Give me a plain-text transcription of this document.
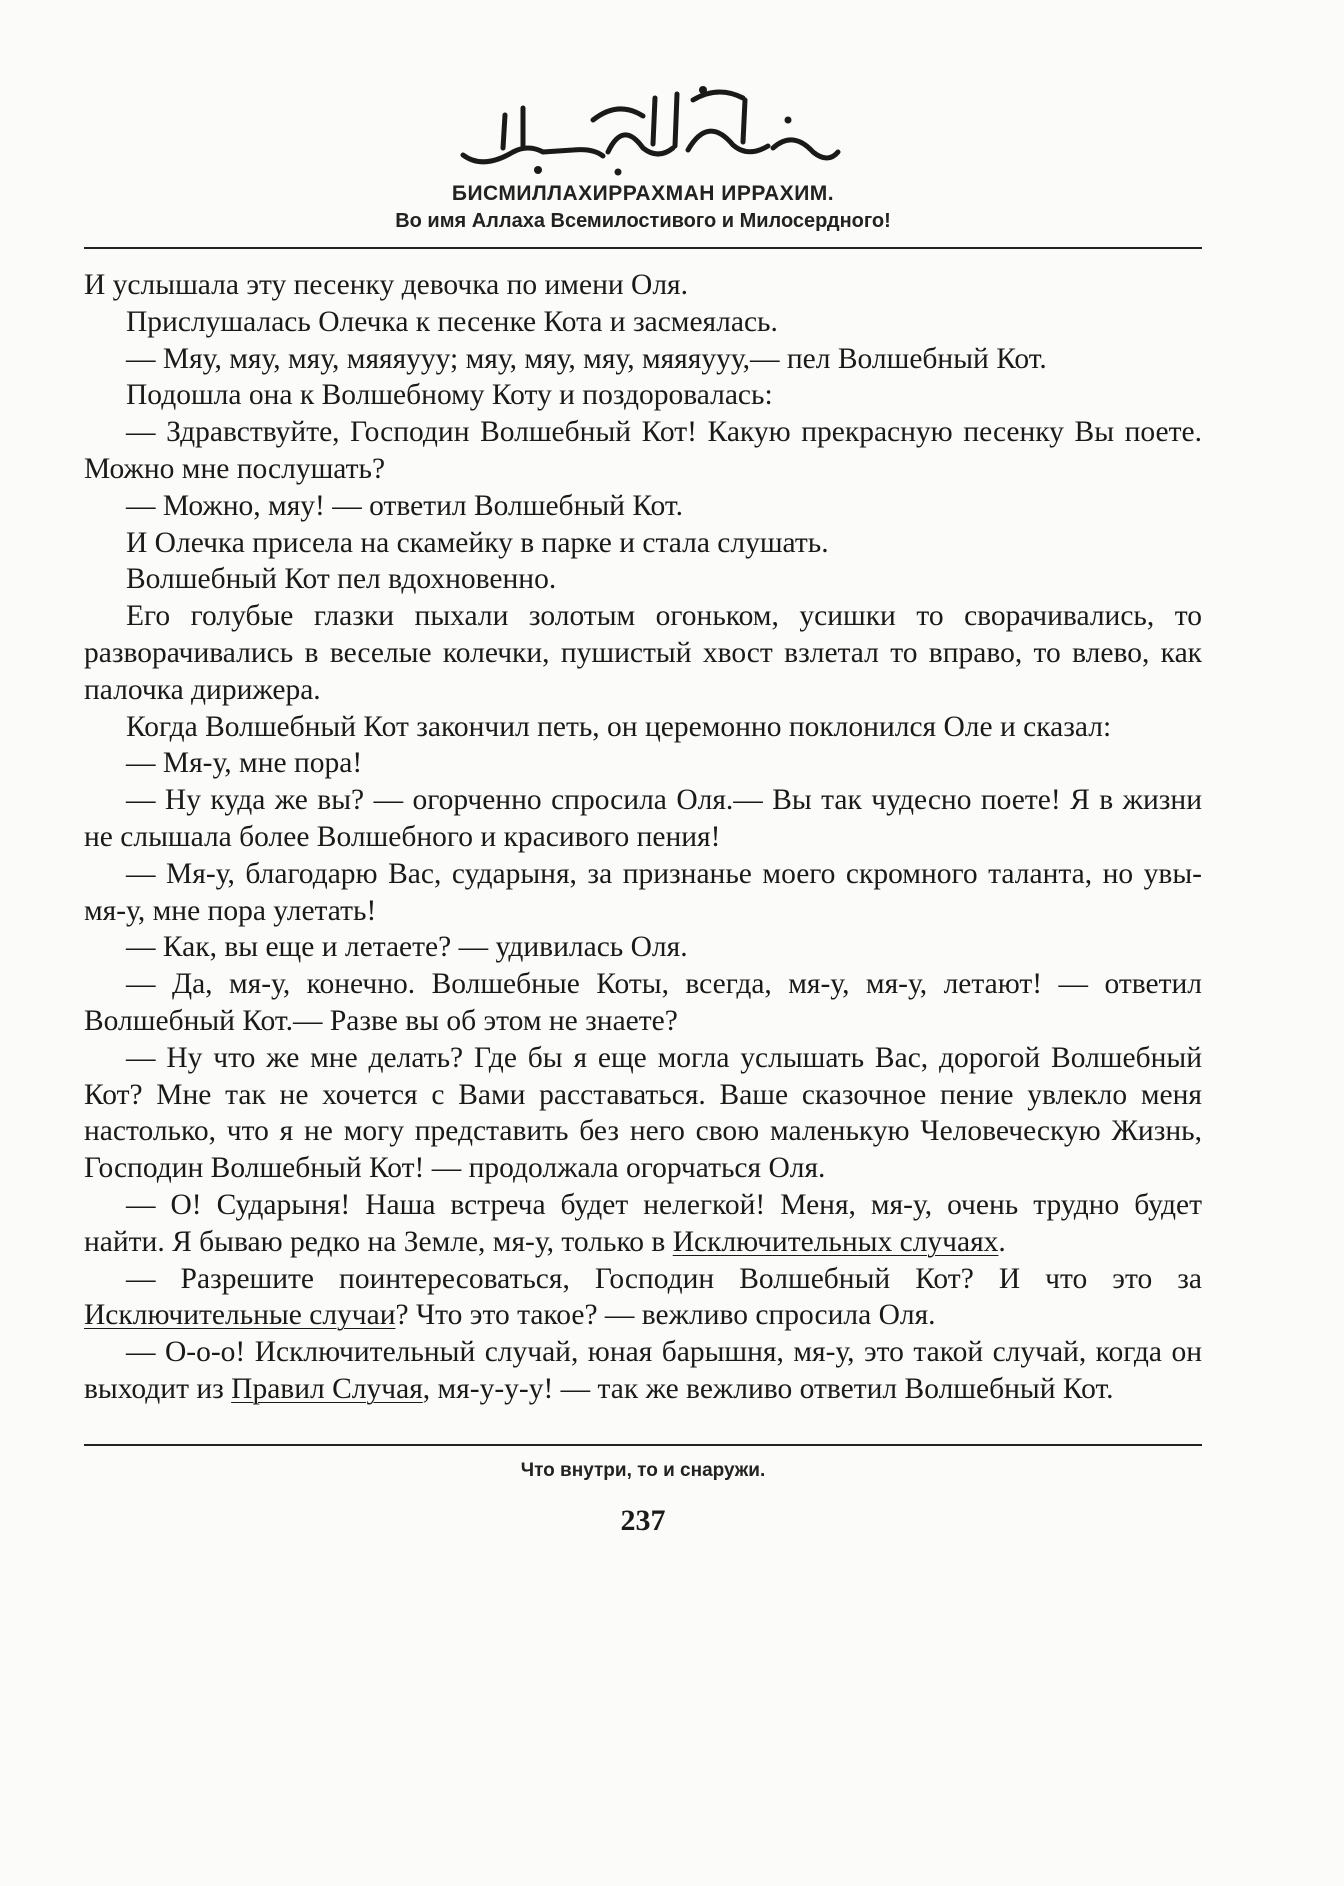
БИСМИЛЛАХИРРАХМАН ИРРАХИМ.
Во имя Аллаха Всемилостивого и Милосердного!

И услышала эту песенку девочка по имени Оля.

Прислушалась Олечка к песенке Кота и засмеялась.

— Мяу, мяу, мяу, мяяяууу; мяу, мяу, мяу, мяяяууу,— пел Волшебный Кот.

Подошла она к Волшебному Коту и поздоровалась:

— Здравствуйте, Господин Волшебный Кот! Какую прекрасную песенку Вы поете. Можно мне послушать?

— Можно, мяу! — ответил Волшебный Кот.

И Олечка присела на скамейку в парке и стала слушать.

Волшебный Кот пел вдохновенно.

Его голубые глазки пыхали золотым огоньком, усишки то сворачивались, то разворачивались в веселые колечки, пушистый хвост взлетал то вправо, то влево, как палочка дирижера.

Когда Волшебный Кот закончил петь, он церемонно поклонился Оле и сказал:

— Мя-у, мне пора!

— Ну куда же вы? — огорченно спросила Оля.— Вы так чудесно поете! Я в жизни не слышала более Волшебного и красивого пения!

— Мя-у, благодарю Вас, сударыня, за признанье моего скромного таланта, но увы-мя-у, мне пора улетать!

— Как, вы еще и летаете? — удивилась Оля.

— Да, мя-у, конечно. Волшебные Коты, всегда, мя-у, мя-у, летают! — ответил Волшебный Кот.— Разве вы об этом не знаете?

— Ну что же мне делать? Где бы я еще могла услышать Вас, дорогой Волшебный Кот? Мне так не хочется с Вами расставаться. Ваше сказочное пение увлекло меня настолько, что я не могу представить без него свою маленькую Человеческую Жизнь, Господин Волшебный Кот! — продолжала огорчаться Оля.

— О! Сударыня! Наша встреча будет нелегкой! Меня, мя-у, очень трудно будет найти. Я бываю редко на Земле, мя-у, только в Исключительных случаях.

— Разрешите поинтересоваться, Господин Волшебный Кот? И что это за Исключительные случаи? Что это такое? — вежливо спросила Оля.

— О-о-о! Исключительный случай, юная барышня, мя-у, это такой случай, когда он выходит из Правил Случая, мя-у-у-у! — так же вежливо ответил Волшебный Кот.

Что внутри, то и снаружи.
237
